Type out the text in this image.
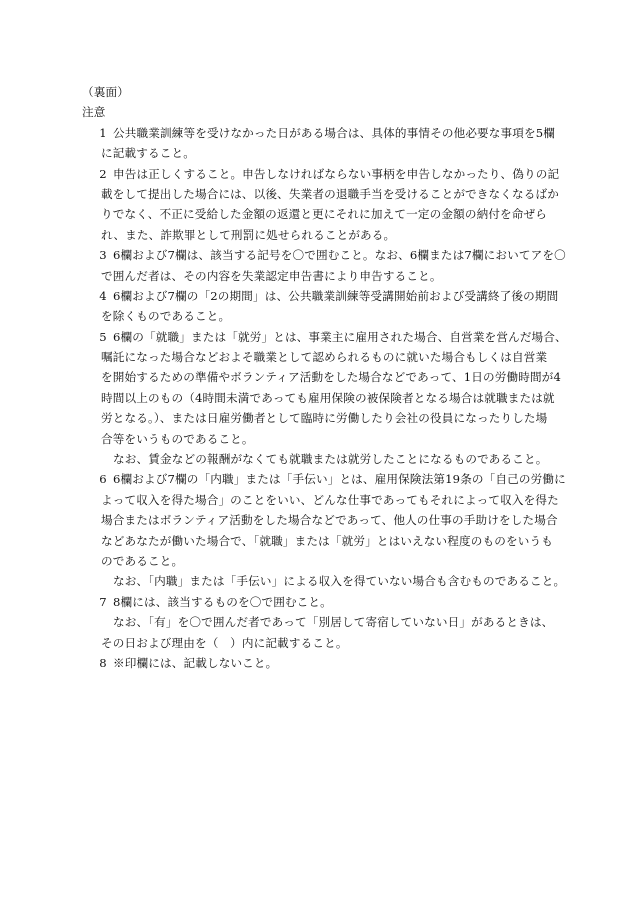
（裏面）
注意
1 公共職業訓練等を受けなかった日がある場合は、具体的事情その他必要な事項を5欄
に記載すること。
2 申告は正しくすること。申告しなければならない事柄を申告しなかったり、偽りの記
載をして提出した場合には、以後、失業者の退職手当を受けることができなくなるばか
りでなく、不正に受給した金額の返還と更にそれに加えて一定の金額の納付を命ぜら
れ、また、詐欺罪として刑罰に処せられることがある。
3 6欄および7欄は、該当する記号を〇で囲むこと。なお、6欄または7欄においてアを〇
で囲んだ者は、その内容を失業認定申告書により申告すること。
4 6欄および7欄の「2の期間」は、公共職業訓練等受講開始前および受講終了後の期間
を除くものであること。
5 6欄の「就職」または「就労」とは、事業主に雇用された場合、自営業を営んだ場合、
嘱託になった場合などおよそ職業として認められるものに就いた場合もしくは自営業
を開始するための準備やボランティア活動をした場合などであって、1日の労働時間が4
時間以上のもの（4時間未満であっても雇用保険の被保険者となる場合は就職または就
労となる。）、または日雇労働者として臨時に労働したり会社の役員になったりした場
合等をいうものであること。
なお、賃金などの報酬がなくても就職または就労したことになるものであること。
6 6欄および7欄の「内職」または「手伝い」とは、雇用保険法第19条の「自己の労働に
よって収入を得た場合」のことをいい、どんな仕事であってもそれによって収入を得た
場合またはボランティア活動をした場合などであって、他人の仕事の手助けをした場合
などあなたが働いた場合で、「就職」または「就労」とはいえない程度のものをいうも
のであること。
なお、「内職」または「手伝い」による収入を得ていない場合も含むものであること。
7 8欄には、該当するものを〇で囲むこと。
なお、「有」を〇で囲んだ者であって「別居して寄宿していない日」があるときは、
その日および理由を（　）内に記載すること。
8 ※印欄には、記載しないこと。
